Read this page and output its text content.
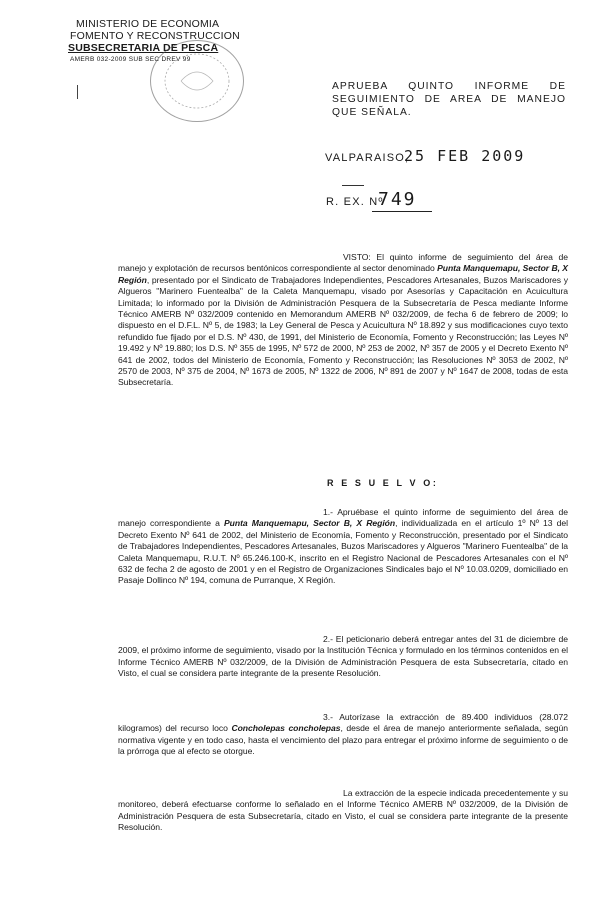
MINISTERIO DE ECONOMIA
FOMENTO Y RECONSTRUCCION
SUBSECRETARIA DE PESCA
AMERB 032-2009 SUB SEC DREV 99
APRUEBA QUINTO INFORME DE SEGUIMIENTO DE AREA DE MANEJO QUE SEÑALA.
VALPARAISO,
25 FEB 2009
R. EX. Nº
749
VISTO: El quinto informe de seguimiento del área de manejo y explotación de recursos bentónicos correspondiente al sector denominado Punta Manquemapu, Sector B, X Región, presentado por el Sindicato de Trabajadores Independientes, Pescadores Artesanales, Buzos Mariscadores y Algueros "Marinero Fuentealba" de la Caleta Manquemapu, visado por Asesorías y Capacitación en Acuicultura Limitada; lo informado por la División de Administración Pesquera de la Subsecretaría de Pesca mediante Informe Técnico AMERB Nº 032/2009 contenido en Memorandum AMERB Nº 032/2009, de fecha 6 de febrero de 2009; lo dispuesto en el D.F.L. Nº 5, de 1983; la Ley General de Pesca y Acuicultura Nº 18.892 y sus modificaciones cuyo texto refundido fue fijado por el D.S. Nº 430, de 1991, del Ministerio de Economía, Fomento y Reconstrucción; las Leyes Nº 19.492 y Nº 19.880; los D.S. Nº 355 de 1995, Nº 572 de 2000, Nº 253 de 2002, Nº 357 de 2005 y el Decreto Exento Nº 641 de 2002, todos del Ministerio de Economía, Fomento y Reconstrucción; las Resoluciones Nº 3053 de 2002, Nº 2570 de 2003, Nº 375 de 2004, Nº 1673 de 2005, Nº 1322 de 2006, Nº 891 de 2007 y Nº 1647 de 2008, todas de esta Subsecretaría.
R E S U E L V O:
1.- Apruébase el quinto informe de seguimiento del área de manejo correspondiente a Punta Manquemapu, Sector B, X Región, individualizada en el artículo 1º Nº 13 del Decreto Exento Nº 641 de 2002, del Ministerio de Economía, Fomento y Reconstrucción, presentado por el Sindicato de Trabajadores Independientes, Pescadores Artesanales, Buzos Mariscadores y Algueros "Marinero Fuentealba" de la Caleta Manquemapu, R.U.T. Nº 65.246.100-K, inscrito en el Registro Nacional de Pescadores Artesanales con el Nº 632 de fecha 2 de agosto de 2001 y en el Registro de Organizaciones Sindicales bajo el Nº 10.03.0209, domiciliado en Pasaje Dollinco Nº 194, comuna de Purranque, X Región.
2.- El peticionario deberá entregar antes del 31 de diciembre de 2009, el próximo informe de seguimiento, visado por la Institución Técnica y formulado en los términos contenidos en el Informe Técnico AMERB Nº 032/2009, de la División de Administración Pesquera de esta Subsecretaría, citado en Visto, el cual se considera parte integrante de la presente Resolución.
3.- Autorízase la extracción de 89.400 individuos (28.072 kilogramos) del recurso loco Concholepas concholepas, desde el área de manejo anteriormente señalada, según normativa vigente y en todo caso, hasta el vencimiento del plazo para entregar el próximo informe de seguimiento o de la prórroga que al efecto se otorgue.
La extracción de la especie indicada precedentemente y su monitoreo, deberá efectuarse conforme lo señalado en el Informe Técnico AMERB Nº 032/2009, de la División de Administración Pesquera de esta Subsecretaría, citado en Visto, el cual se considera parte integrante de la presente Resolución.
